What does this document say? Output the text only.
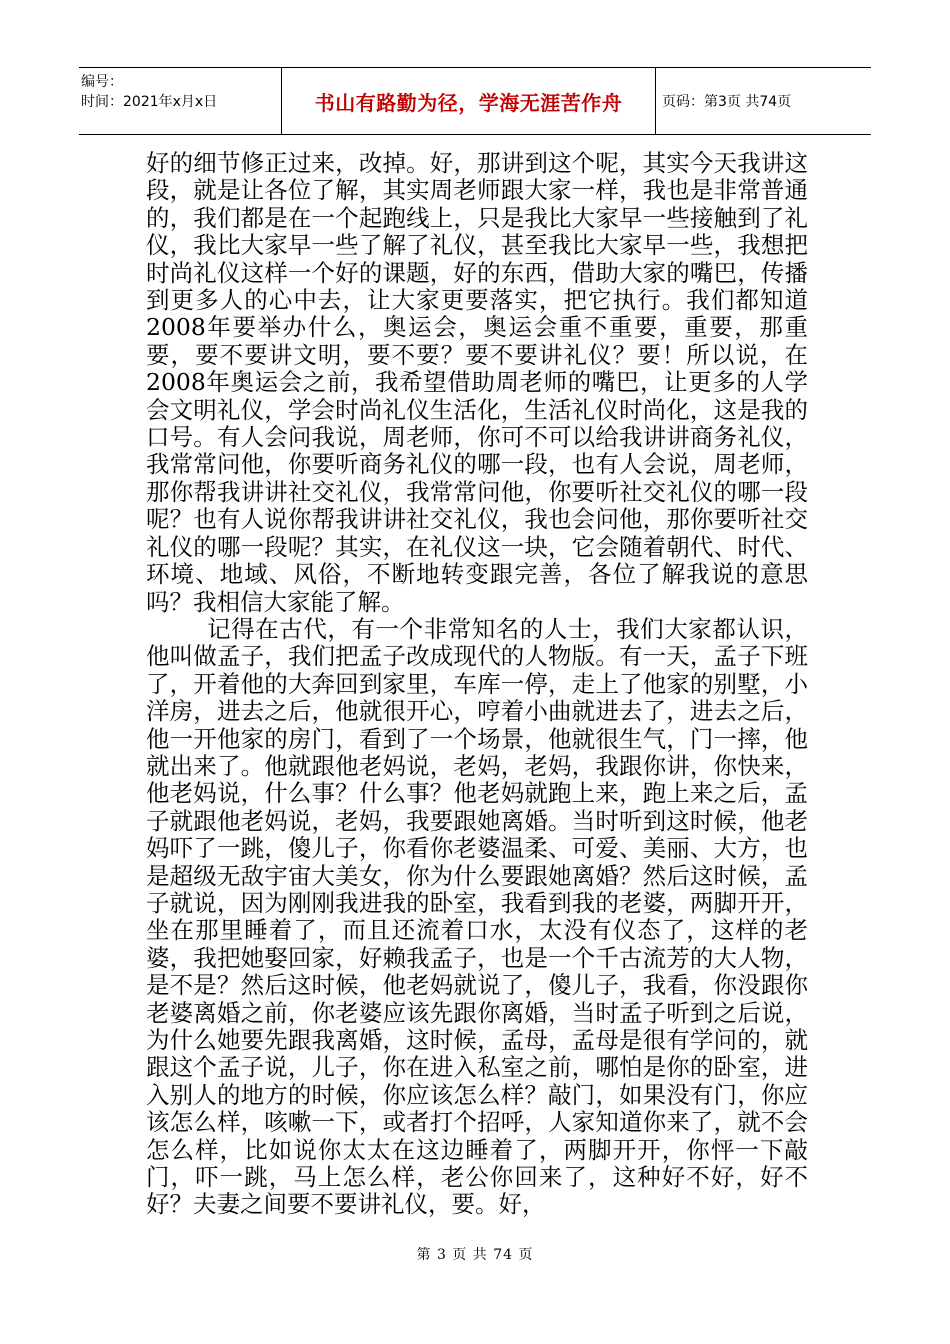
编号：
时间：2021年x月x日	书山有路勤为径，学海无涯苦作舟	页码：第3页 共74页

好的细节修正过来，改掉。好，那讲到这个呢，其实今天我讲这段，就是让各位了解，其实周老师跟大家一样，我也是非常普通的，我们都是在一个起跑线上，只是我比大家早一些接触到了礼仪，我比大家早一些了解了礼仪，甚至我比大家早一些，我想把时尚礼仪这样一个好的课题，好的东西，借助大家的嘴巴，传播到更多人的心中去，让大家更要落实，把它执行。我们都知道2008年要举办什么，奥运会，奥运会重不重要，重要，那重要，要不要讲文明，要不要？要不要讲礼仪？要！所以说，在2008年奥运会之前，我希望借助周老师的嘴巴，让更多的人学会文明礼仪，学会时尚礼仪生活化，生活礼仪时尚化，这是我的口号。有人会问我说，周老师，你可不可以给我讲讲商务礼仪，我常常问他，你要听商务礼仪的哪一段，也有人会说，周老师，那你帮我讲讲社交礼仪，我常常问他，你要听社交礼仪的哪一段呢？也有人说你帮我讲讲社交礼仪，我也会问他，那你要听社交礼仪的哪一段呢？其实，在礼仪这一块，它会随着朝代、时代、环境、地域、风俗，不断地转变跟完善，各位了解我说的意思吗？我相信大家能了解。

记得在古代，有一个非常知名的人士，我们大家都认识，他叫做孟子，我们把孟子改成现代的人物版。有一天，孟子下班了，开着他的大奔回到家里，车库一停，走上了他家的别墅，小洋房，进去之后，他就很开心，哼着小曲就进去了，进去之后，他一开他家的房门，看到了一个场景，他就很生气，门一摔，他就出来了。他就跟他老妈说，老妈，老妈，我跟你讲，你快来，他老妈说，什么事？什么事？他老妈就跑上来，跑上来之后，孟子就跟他老妈说，老妈，我要跟她离婚。当时听到这时候，他老妈吓了一跳，傻儿子，你看你老婆温柔、可爱、美丽、大方，也是超级无敌宇宙大美女，你为什么要跟她离婚？然后这时候，孟子就说，因为刚刚我进我的卧室，我看到我的老婆，两脚开开，坐在那里睡着了，而且还流着口水，太没有仪态了，这样的老婆，我把她娶回家，好赖我孟子，也是一个千古流芳的大人物，是不是？然后这时候，他老妈就说了，傻儿子，我看，你没跟你老婆离婚之前，你老婆应该先跟你离婚，当时孟子听到之后说，为什么她要先跟我离婚，这时候，孟母，孟母是很有学问的，就跟这个孟子说，儿子，你在进入私室之前，哪怕是你的卧室，进入别人的地方的时候，你应该怎么样？敲门，如果没有门，你应该怎么样，咳嗽一下，或者打个招呼，人家知道你来了，就不会怎么样，比如说你太太在这边睡着了，两脚开开，你怦一下敲门，吓一跳，马上怎么样，老公你回来了，这种好不好，好不好？夫妻之间要不要讲礼仪，要。好，

第 3 页 共 74 页
